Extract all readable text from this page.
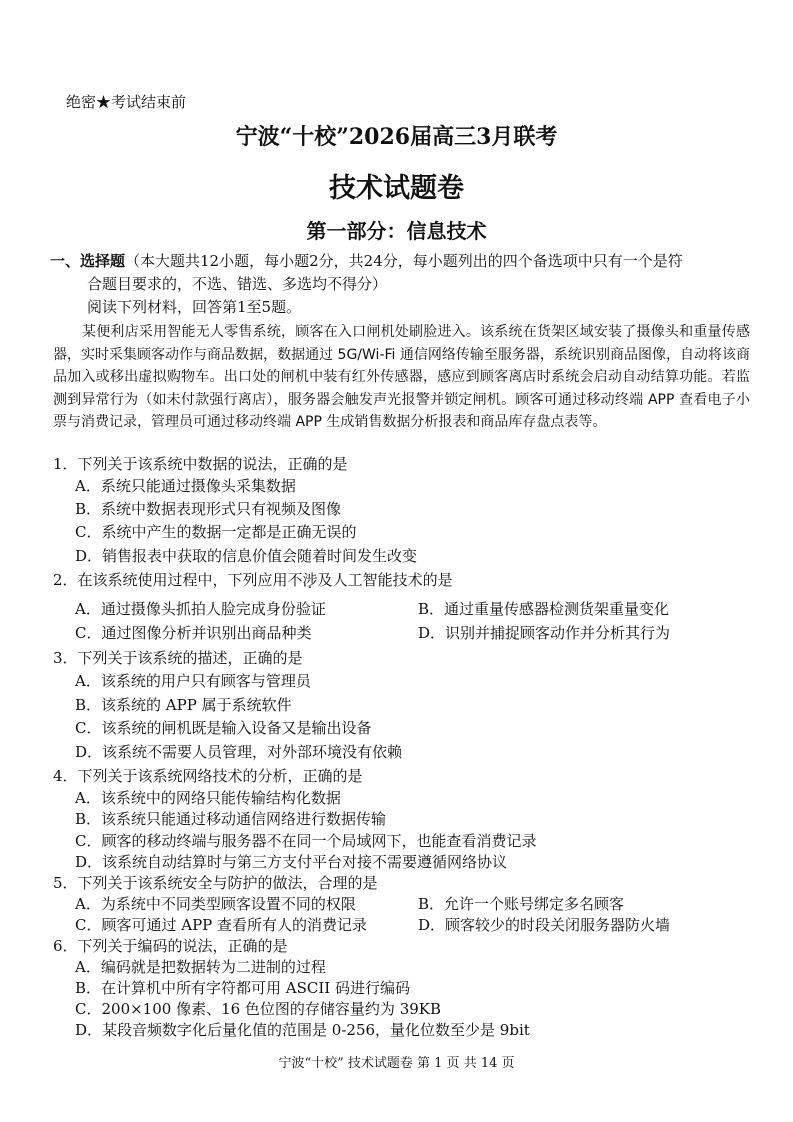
绝密★考试结束前
宁波“十校”2026届高三3月联考
技术试题卷
第一部分：信息技术
一、选择题（本大题共12小题，每小题2分，共24分，每小题列出的四个备选项中只有一个是符
合题目要求的，不选、错选、多选均不得分）
阅读下列材料，回答第1至5题。
某便利店采用智能无人零售系统，顾客在入口闸机处刷脸进入。该系统在货架区域安装了摄像头和重量传感器，实时采集顾客动作与商品数据，数据通过 5G/Wi-Fi 通信网络传输至服务器，系统识别商品图像，自动将该商品加入或移出虚拟购物车。出口处的闸机中装有红外传感器，感应到顾客离店时系统会启动自动结算功能。若监测到异常行为（如未付款强行离店），服务器会触发声光报警并锁定闸机。顾客可通过移动终端 APP 查看电子小票与消费记录，管理员可通过移动终端 APP 生成销售数据分析报表和商品库存盘点表等。
1．下列关于该系统中数据的说法，正确的是
A．系统只能通过摄像头采集数据
B．系统中数据表现形式只有视频及图像
C．系统中产生的数据一定都是正确无误的
D．销售报表中获取的信息价值会随着时间发生改变
2．在该系统使用过程中，下列应用不涉及人工智能技术的是
A．通过摄像头抓拍人脸完成身份验证	B．通过重量传感器检测货架重量变化
C．通过图像分析并识别出商品种类	D．识别并捕捉顾客动作并分析其行为
3．下列关于该系统的描述，正确的是
A．该系统的用户只有顾客与管理员
B．该系统的 APP 属于系统软件
C．该系统的闸机既是输入设备又是输出设备
D．该系统不需要人员管理，对外部环境没有依赖
4．下列关于该系统网络技术的分析，正确的是
A．该系统中的网络只能传输结构化数据
B．该系统只能通过移动通信网络进行数据传输
C．顾客的移动终端与服务器不在同一个局域网下，也能查看消费记录
D．该系统自动结算时与第三方支付平台对接不需要遵循网络协议
5．下列关于该系统安全与防护的做法，合理的是
A．为系统中不同类型顾客设置不同的权限	B．允许一个账号绑定多名顾客
C．顾客可通过 APP 查看所有人的消费记录	D．顾客较少的时段关闭服务器防火墙
6．下列关于编码的说法，正确的是
A．编码就是把数据转为二进制的过程
B．在计算机中所有字符都可用 ASCII 码进行编码
C．200×100 像素、16 色位图的存储容量约为 39KB
D．某段音频数字化后量化值的范围是 0-256，量化位数至少是 9bit
宁波“十校” 技术试题卷 第 1 页 共 14 页
